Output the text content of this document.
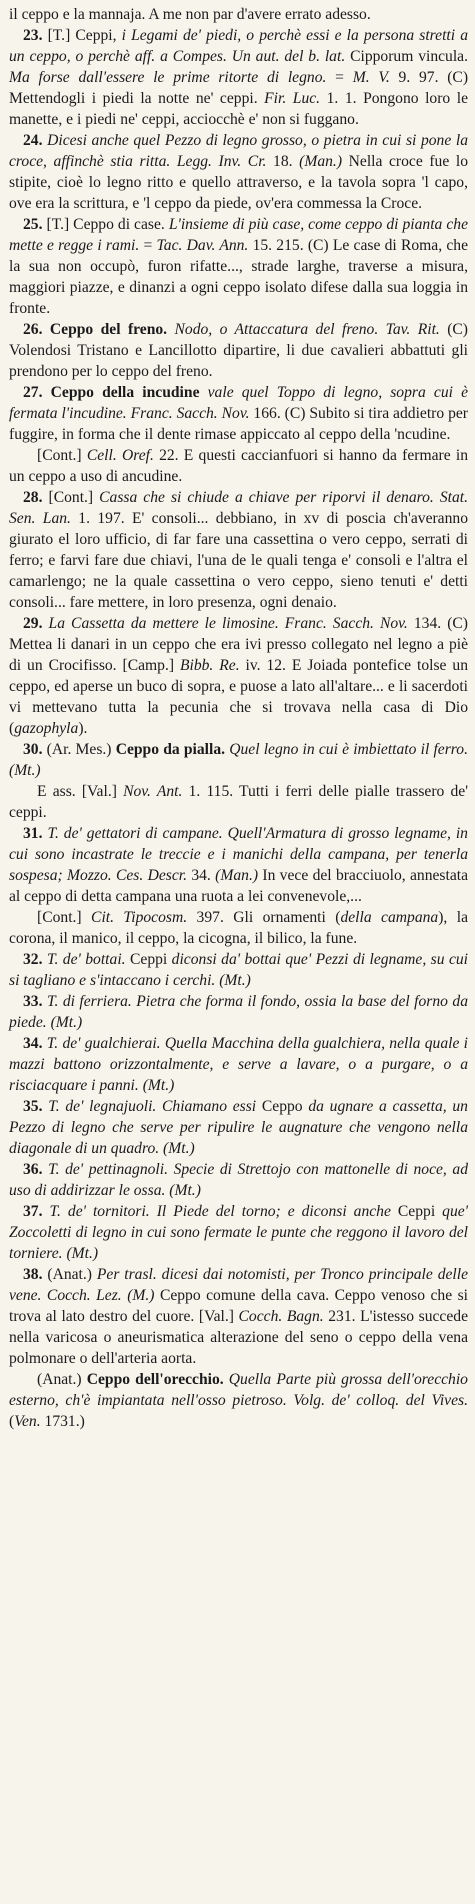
il ceppo e la mannaja. A me non par d'avere errato adesso.

23. [T.] Ceppi, i Legami de' piedi, o perchè essi e la persona stretti a un ceppo, o perchè aff. a Compes. Un aut. del b. lat. Cipporum vincula. Ma forse dall'essere le prime ritorte di legno. = M. V. 9. 97. (C) Mettendogli i piedi la notte ne' ceppi. Fir. Luc. 1. 1. Pongono loro le manette, e i piedi ne' ceppi, acciocchè e' non si fuggano.

24. Dicesi anche quel Pezzo di legno grosso, o pietra in cui si pone la croce, affinchè stia ritta. Legg. Inv. Cr. 18. (Man.) Nella croce fue lo stipite, cioè lo legno ritto e quello attraverso, e la tavola sopra 'l capo, ove era la scrittura, e 'l ceppo da piede, ov'era commessa la Croce.

25. [T.] Ceppo di case. L'insieme di più case, come ceppo di pianta che mette e regge i rami. = Tac. Dav. Ann. 15. 215. (C) Le case di Roma, che la sua non occupò, furon rifatte..., strade larghe, traverse a misura, maggiori piazze, e dinanzi a ogni ceppo isolato difese dalla sua loggia in fronte.

26. Ceppo del freno. Nodo, o Attaccatura del freno. Tav. Rit. (C) Volendosi Tristano e Lancillotto dipartire, li due cavalieri abbattuti gli prendono per lo ceppo del freno.

27. Ceppo della incudine vale quel Toppo di legno, sopra cui è fermata l'incudine. Franc. Sacch. Nov. 166. (C) Subito si tira addietro per fuggire, in forma che il dente rimase appiccato al ceppo della 'ncudine.

[Cont.] Cell. Oref. 22. E questi caccianfuori si hanno da fermare in un ceppo a uso di ancudine.

28. [Cont.] Cassa che si chiude a chiave per riporvi il denaro. Stat. Sen. Lan. 1. 197. E' consoli... debbiano, in xv di poscia ch'averanno giurato el loro ufficio, di far fare una cassettina o vero ceppo, serrati di ferro; e farvi fare due chiavi, l'una de le quali tenga e' consoli e l'altra el camarlengo; ne la quale cassettina o vero ceppo, sieno tenuti e' detti consoli... fare mettere, in loro presenza, ogni denaio.

29. La Cassetta da mettere le limosine. Franc. Sacch. Nov. 134. (C) Mettea li danari in un ceppo che era ivi presso collegato nel legno a piè di un Crocifisso. [Camp.] Bibb. Re. iv. 12. E Joiada pontefice tolse un ceppo, ed aperse un buco di sopra, e puose a lato all'altare... e li sacerdoti vi mettevano tutta la pecunia che si trovava nella casa di Dio (gazophyla).

30. (Ar. Mes.) Ceppo da pialla. Quel legno in cui è imbiettato il ferro. (Mt.)

E ass. [Val.] Nov. Ant. 1. 115. Tutti i ferri delle pialle trassero de' ceppi.

31. T. de' gettatori di campane. Quell'Armatura di grosso legname, in cui sono incastrate le treccie e i manichi della campana, per tenerla sospesa; Mozzo. Ces. Descr. 34. (Man.) In vece del bracciuolo, annestata al ceppo di detta campana una ruota a lei convenevole,...

[Cont.] Cit. Tipocosm. 397. Gli ornamenti (della campana), la corona, il manico, il ceppo, la cicogna, il bilico, la fune.

32. T. de' bottai. Ceppi diconsi da' bottai que' Pezzi di legname, su cui si tagliano e s'intaccano i cerchi. (Mt.)

33. T. di ferriera. Pietra che forma il fondo, ossia la base del forno da piede. (Mt.)

34. T. de' gualchierai. Quella Macchina della gualchiera, nella quale i mazzi battono orizzontalmente, e serve a lavare, o a purgare, o a risciacquare i panni. (Mt.)

35. T. de' legnajuoli. Chiamano essi Ceppo da ugnare a cassetta, un Pezzo di legno che serve per ripulire le augnature che vengono nella diagonale di un quadro. (Mt.)

36. T. de' pettinagnoli. Specie di Strettojo con mattonelle di noce, ad uso di addirizzar le ossa. (Mt.)

37. T. de' tornitori. Il Piede del torno; e diconsi anche Ceppi que' Zoccoletti di legno in cui sono fermate le punte che reggono il lavoro del torniere. (Mt.)

38. (Anat.) Per trasl. dicesi dai notomisti, per Tronco principale delle vene. Cocch. Lez. (M.) Ceppo comune della cava. Ceppo venoso che si trova al lato destro del cuore. [Val.] Cocch. Bagn. 231. L'istesso succede nella varicosa o aneurismatica alterazione del seno o ceppo della vena polmonare o dell'arteria aorta.

(Anat.) Ceppo dell'orecchio. Quella Parte più grossa dell'orecchio esterno, ch'è impiantata nell'osso pietroso. Volg. de' colloq. del Vives. (Ven. 1731.)
